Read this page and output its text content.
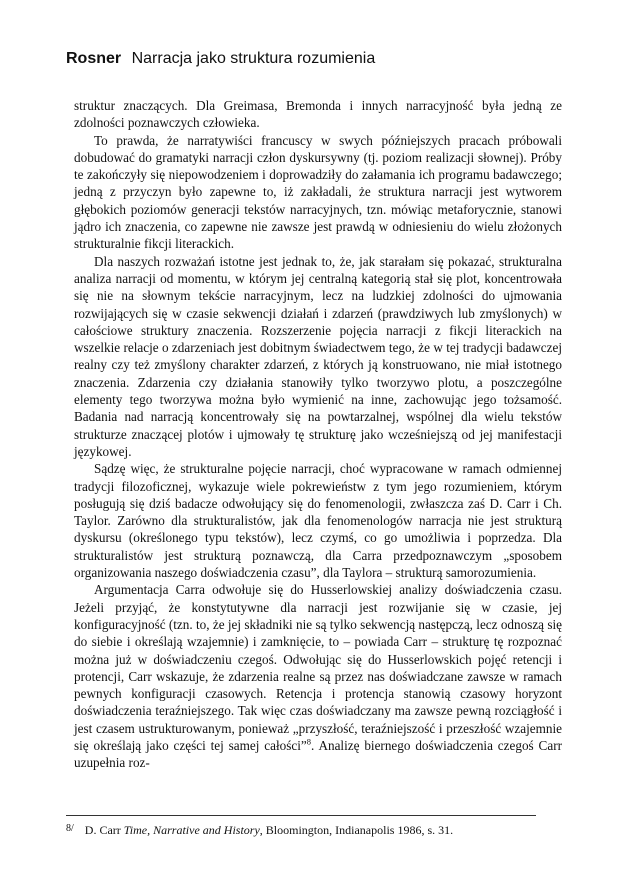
Rosner Narracja jako struktura rozumienia

struktur znaczących. Dla Greimasa, Bremonda i innych narracyjność była jedną ze zdolności poznawczych człowieka.

To prawda, że narratywiści francuscy w swych późniejszych pracach próbowali dobudować do gramatyki narracji człon dyskursywny (tj. poziom realizacji słownej). Próby te zakończyły się niepowodzeniem i doprowadziły do załamania ich programu badawczego; jedną z przyczyn było zapewne to, iż zakładali, że struktura narracji jest wytworem głębokich poziomów generacji tekstów narracyjnych, tzn. mówiąc metaforycznie, stanowi jądro ich znaczenia, co zapewne nie zawsze jest prawdą w odniesieniu do wielu złożonych strukturalnie fikcji literackich.

Dla naszych rozważań istotne jest jednak to, że, jak starałam się pokazać, strukturalna analiza narracji od momentu, w którym jej centralną kategorią stał się plot, koncentrowała się nie na słownym tekście narracyjnym, lecz na ludzkiej zdolności do ujmowania rozwijających się w czasie sekwencji działań i zdarzeń (prawdziwych lub zmyślonych) w całościowe struktury znaczenia. Rozszerzenie pojęcia narracji z fikcji literackich na wszelkie relacje o zdarzeniach jest dobitnym świadectwem tego, że w tej tradycji badawczej realny czy też zmyślony charakter zdarzeń, z których ją konstruowano, nie miał istotnego znaczenia. Zdarzenia czy działania stanowiły tylko tworzywo plotu, a poszczególne elementy tego tworzywa można było wymienić na inne, zachowując jego tożsamość. Badania nad narracją koncentrowały się na powtarzalnej, wspólnej dla wielu tekstów strukturze znaczącej plotów i ujmowały tę strukturę jako wcześniejszą od jej manifestacji językowej.

Sądzę więc, że strukturalne pojęcie narracji, choć wypracowane w ramach odmiennej tradycji filozoficznej, wykazuje wiele pokrewieństw z tym jego rozumieniem, którym posługują się dziś badacze odwołujący się do fenomenologii, zwłaszcza zaś D. Carr i Ch. Taylor. Zarówno dla strukturalistów, jak dla fenomenologów narracja nie jest strukturą dyskursu (określonego typu tekstów), lecz czymś, co go umożliwia i poprzedza. Dla strukturalistów jest strukturą poznawczą, dla Carra przedpoznawczym „sposobem organizowania naszego doświadczenia czasu”, dla Taylora – strukturą samorozumienia.

Argumentacja Carra odwołuje się do Husserlowskiej analizy doświadczenia czasu. Jeżeli przyjąć, że konstytutywne dla narracji jest rozwijanie się w czasie, jej konfiguracyjność (tzn. to, że jej składniki nie są tylko sekwencją następczą, lecz odnoszą się do siebie i określają wzajemnie) i zamknięcie, to – powiada Carr – strukturę tę rozpoznać można już w doświadczeniu czegoś. Odwołując się do Husserlowskich pojęć retencji i protencji, Carr wskazuje, że zdarzenia realne są przez nas doświadczane zawsze w ramach pewnych konfiguracji czasowych. Retencja i protencja stanowią czasowy horyzont doświadczenia teraźniejszego. Tak więc czas doświadczany ma zawsze pewną rozciągłość i jest czasem ustrukturowanym, ponieważ „przyszłość, teraźniejszość i przeszłość wzajemnie się określają jako części tej samej całości”$^8$. Analizę biernego doświadczenia czegoś Carr uzupełnia roz-

$^{8/}$ D. Carr Time, Narrative and History, Bloomington, Indianapolis 1986, s. 31.
